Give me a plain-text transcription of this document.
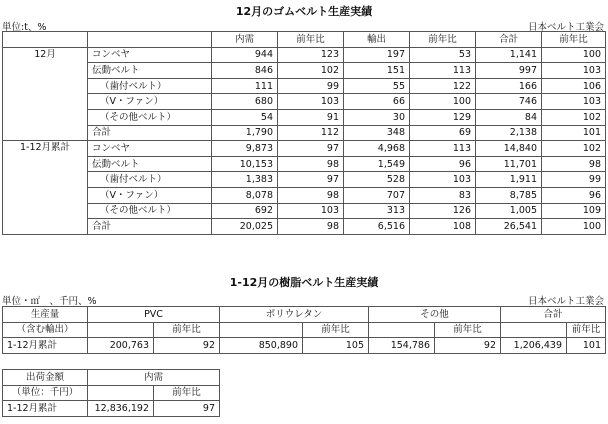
12月のゴムベルト生産実績
単位:t、%	日本ベルト工業会
		内需	前年比	輸出	前年比	合計	前年比
12月	コンベヤ	944	123	197	53	1,141	100
	伝動ベルト	846	102	151	113	997	103
	（歯付ベルト）	111	99	55	122	166	106
	（V・ファン）	680	103	66	100	746	103
	（その他ベルト）	54	91	30	129	84	102
	合計	1,790	112	348	69	2,138	101
1-12月累計	コンベヤ	9,873	97	4,968	113	14,840	102
	伝動ベルト	10,153	98	1,549	96	11,701	98
	（歯付ベルト）	1,383	97	528	103	1,911	99
	（V・ファン）	8,078	98	707	83	8,785	96
	（その他ベルト）	692	103	313	126	1,005	109
	合計	20,025	98	6,516	108	26,541	100
1-12月の樹脂ベルト生産実績
単位・㎡　、千円、%	日本ベルト工業会
生産量	PVC		ポリウレタン		その他		合計	
（含む輸出）		前年比		前年比		前年比		前年比
1-12月累計	200,763	92	850,890	105	154,786	92	1,206,439	101
出荷金額	内需	
（単位：千円）		前年比
1-12月累計	12,836,192	97
